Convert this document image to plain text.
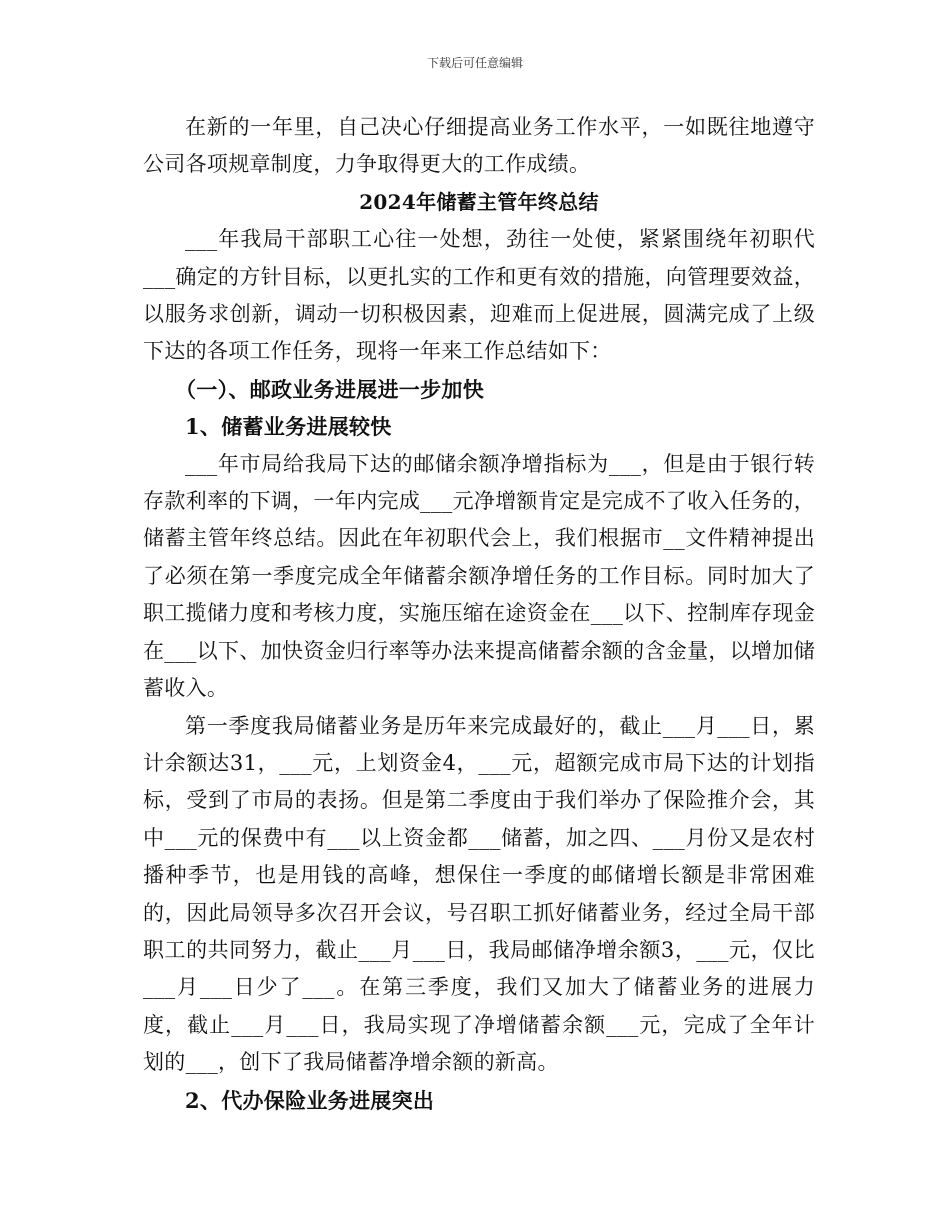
下载后可任意编辑

在新的一年里，自己决心仔细提高业务工作水平，一如既往地遵守公司各项规章制度，力争取得更大的工作成绩。

2024年储蓄主管年终总结

___年我局干部职工心往一处想，劲往一处使，紧紧围绕年初职代___确定的方针目标，以更扎实的工作和更有效的措施，向管理要效益，以服务求创新，调动一切积极因素，迎难而上促进展，圆满完成了上级下达的各项工作任务，现将一年来工作总结如下：

（一）、邮政业务进展进一步加快

1、储蓄业务进展较快

___年市局给我局下达的邮储余额净增指标为___，但是由于银行转存款利率的下调，一年内完成___元净增额肯定是完成不了收入任务的，储蓄主管年终总结。因此在年初职代会上，我们根据市__文件精神提出了必须在第一季度完成全年储蓄余额净增任务的工作目标。同时加大了职工揽储力度和考核力度，实施压缩在途资金在___以下、控制库存现金在___以下、加快资金归行率等办法来提高储蓄余额的含金量，以增加储蓄收入。

第一季度我局储蓄业务是历年来完成最好的，截止___月___日，累计余额达31，___元，上划资金4，___元，超额完成市局下达的计划指标，受到了市局的表扬。但是第二季度由于我们举办了保险推介会，其中___元的保费中有___以上资金都___储蓄，加之四、___月份又是农村播种季节，也是用钱的高峰，想保住一季度的邮储增长额是非常困难的，因此局领导多次召开会议，号召职工抓好储蓄业务，经过全局干部职工的共同努力，截止___月___日，我局邮储净增余额3，___元，仅比___月___日少了___。在第三季度，我们又加大了储蓄业务的进展力度，截止___月___日，我局实现了净增储蓄余额___元，完成了全年计划的___，创下了我局储蓄净增余额的新高。

2、代办保险业务进展突出
